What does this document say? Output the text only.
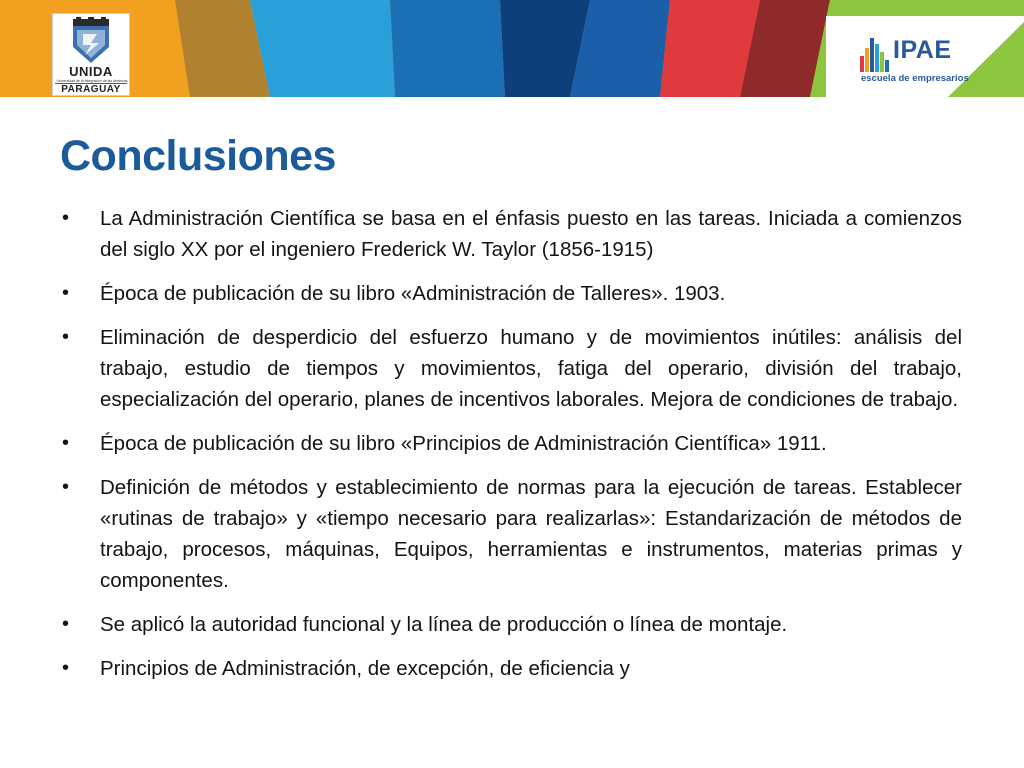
UNIDA
Universidad de la Integración de las Américas
PARAGUAY
IPAE
escuela de empresarios
Conclusiones
• La Administración Científica se basa en el énfasis puesto en las tareas. Iniciada a comienzos del siglo XX por el ingeniero Frederick W. Taylor (1856-1915)
• Época de publicación de su libro «Administración de Talleres». 1903.
• Eliminación de desperdicio del esfuerzo humano y de movimientos inútiles: análisis del trabajo, estudio de tiempos y movimientos, fatiga del operario, división del trabajo, especialización del operario, planes de incentivos laborales. Mejora de condiciones de trabajo.
• Época de publicación de su libro «Principios de Administración Científica» 1911.
• Definición de métodos y establecimiento de normas para la ejecución de tareas. Establecer «rutinas de trabajo» y «tiempo necesario para realizarlas»: Estandarización de métodos de trabajo, procesos, máquinas, Equipos, herramientas e instrumentos, materias primas y componentes.
• Se aplicó la autoridad funcional y la línea de producción o línea de montaje.
• Principios de Administración, de excepción, de eficiencia y
